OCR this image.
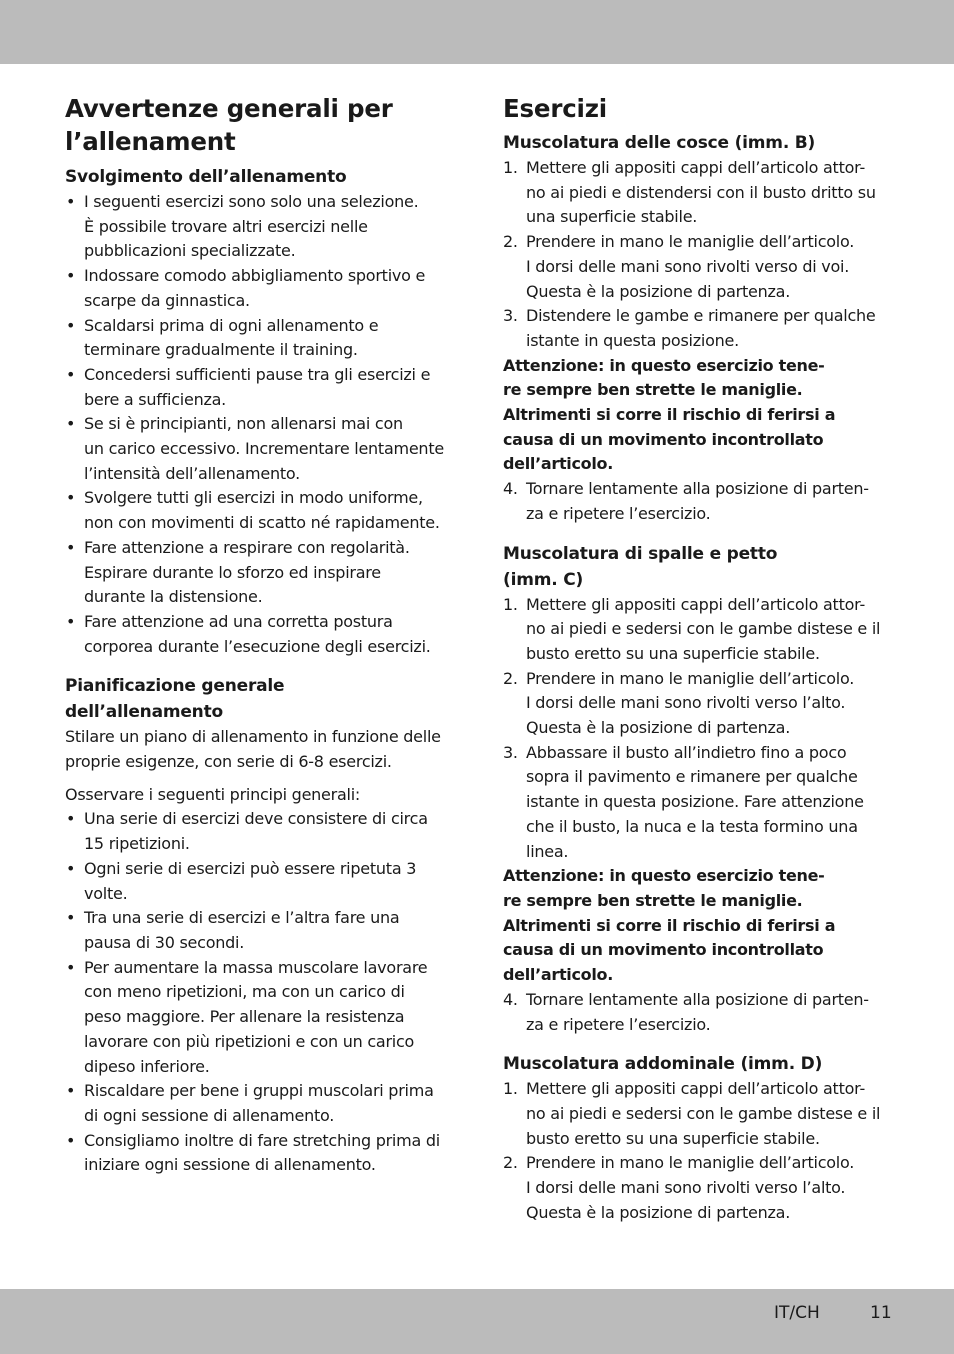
Avvertenze generali per
l’allenament
Svolgimento dell’allenamento
• I seguenti esercizi sono solo una selezione.
È possibile trovare altri esercizi nelle
pubblicazioni specializzate.
• Indossare comodo abbigliamento sportivo e
scarpe da ginnastica.
• Scaldarsi prima di ogni allenamento e
terminare gradualmente il training.
• Concedersi sufficienti pause tra gli esercizi e
bere a sufficienza.
• Se si è principianti, non allenarsi mai con
un carico eccessivo. Incrementare lentamente
l’intensità dell’allenamento.
• Svolgere tutti gli esercizi in modo uniforme,
non con movimenti di scatto né rapidamente.
• Fare attenzione a respirare con regolarità.
Espirare durante lo sforzo ed inspirare
durante la distensione.
• Fare attenzione ad una corretta postura
corporea durante l’esecuzione degli esercizi.
Pianificazione generale
dell’allenamento

Stilare un piano di allenamento in funzione delle
proprie esigenze, con serie di 6-8 esercizi.

Osservare i seguenti principi generali:

• Una serie di esercizi deve consistere di circa
15 ripetizioni.
• Ogni serie di esercizi può essere ripetuta 3
volte.
• Tra una serie di esercizi e l’altra fare una
pausa di 30 secondi.
• Per aumentare la massa muscolare lavorare
con meno ripetizioni, ma con un carico di
peso maggiore. Per allenare la resistenza
lavorare con più ripetizioni e con un carico
dipeso inferiore.
• Riscaldare per bene i gruppi muscolari prima
di ogni sessione di allenamento.
• Consigliamo inoltre di fare stretching prima di
iniziare ogni sessione di allenamento.
Esercizi
Muscolatura delle cosce (imm. B)
1. Mettere gli appositi cappi dell’articolo attor-
no ai piedi e distendersi con il busto dritto su
una superficie stabile.
2. Prendere in mano le maniglie dell’articolo.
I dorsi delle mani sono rivolti verso di voi.
Questa è la posizione di partenza.
3. Distendere le gambe e rimanere per qualche
istante in questa posizione.

Attenzione: in questo esercizio tene-
re sempre ben strette le maniglie.
Altrimenti si corre il rischio di ferirsi a
causa di un movimento incontrollato
dell’articolo.

4. Tornare lentamente alla posizione di parten-
za e ripetere l’esercizio.
Muscolatura di spalle e petto
(imm. C)
1. Mettere gli appositi cappi dell’articolo attor-
no ai piedi e sedersi con le gambe distese e il
busto eretto su una superficie stabile.
2. Prendere in mano le maniglie dell’articolo.
I dorsi delle mani sono rivolti verso l’alto.
Questa è la posizione di partenza.
3. Abbassare il busto all’indietro fino a poco
sopra il pavimento e rimanere per qualche
istante in questa posizione. Fare attenzione
che il busto, la nuca e la testa formino una
linea.

Attenzione: in questo esercizio tene-
re sempre ben strette le maniglie.
Altrimenti si corre il rischio di ferirsi a
causa di un movimento incontrollato
dell’articolo.

4. Tornare lentamente alla posizione di parten-
za e ripetere l’esercizio.
Muscolatura addominale (imm. D)
1. Mettere gli appositi cappi dell’articolo attor-
no ai piedi e sedersi con le gambe distese e il
busto eretto su una superficie stabile.
2. Prendere in mano le maniglie dell’articolo.
I dorsi delle mani sono rivolti verso l’alto.
Questa è la posizione di partenza.
IT/CH	11
